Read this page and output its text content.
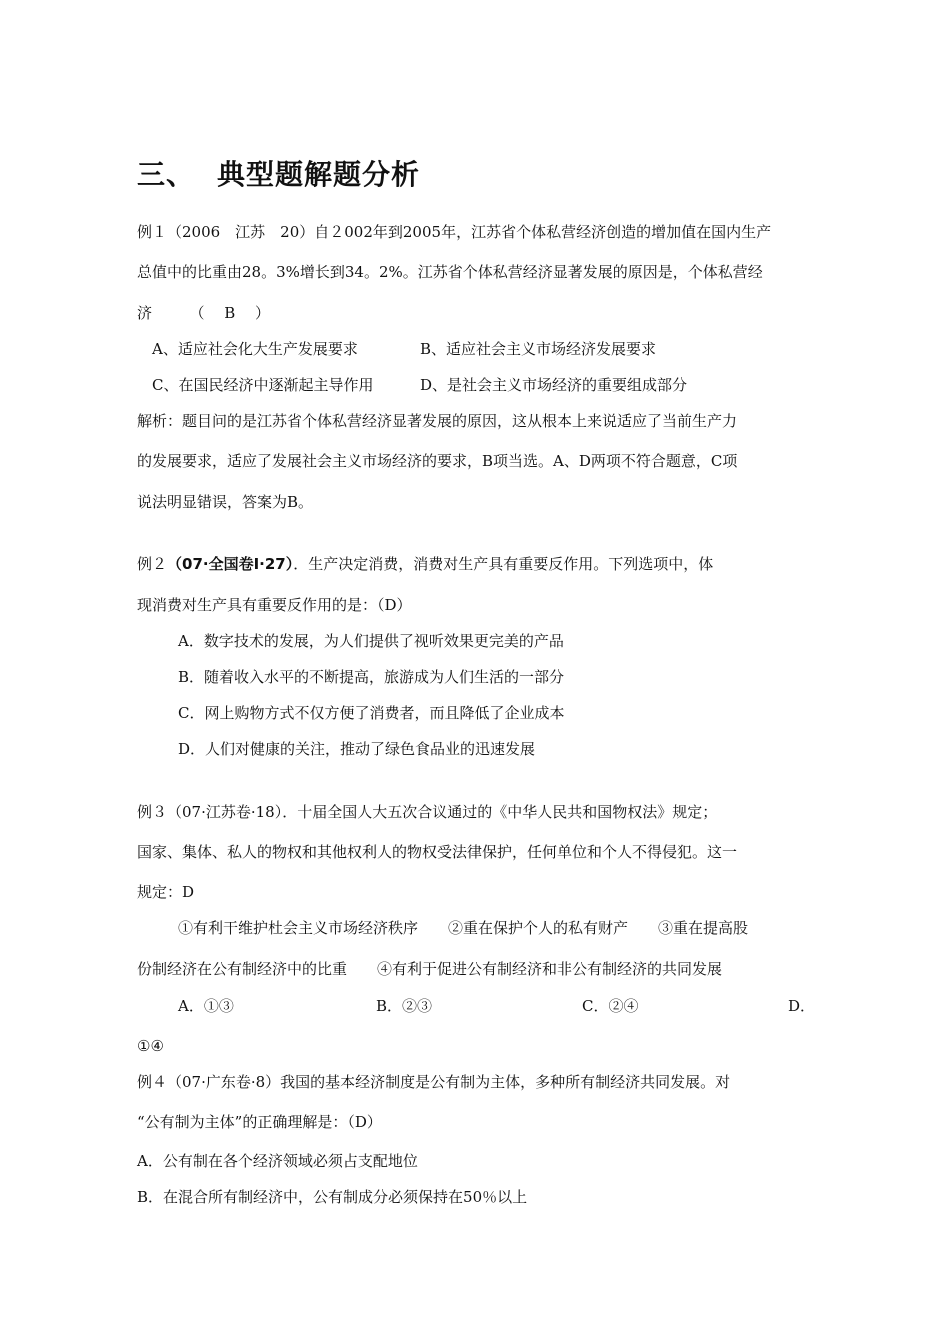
三、 典型题解题分析
例１（2006　江苏　20）自２002年到2005年，江苏省个体私营经济创造的增加值在国内生产
总值中的比重由28。3%增长到34。2%。江苏省个体私营经济显著发展的原因是，个体私营经
济　　　（　 B 　）
A、适应社会化大生产发展要求	B、适应社会主义市场经济发展要求
C、在国民经济中逐渐起主导作用	D、是社会主义市场经济的重要组成部分
解析：题目问的是江苏省个体私营经济显著发展的原因，这从根本上来说适应了当前生产力
的发展要求，适应了发展社会主义市场经济的要求，B项当选。A、D两项不符合题意，C项
说法明显错误，答案为B。
例２（07·全国卷Ⅰ·27）．生产决定消费，消费对生产具有重要反作用。下列选项中，体
现消费对生产具有重要反作用的是：（D）
A．数字技术的发展，为人们提供了视听效果更完美的产品
B．随着收入水平的不断提高，旅游成为人们生活的一部分
C．网上购物方式不仅方便了消费者，而且降低了企业成本
D．人们对健康的关注，推动了绿色食品业的迅速发展
例３（07·江苏卷·18）．十届全国人大五次合议通过的《中华人民共和国物权法》规定；
国家、集体、私人的物权和其他权利人的物权受法律保护，任何单位和个人不得侵犯。这一
规定：D
①有利干维护杜会主义市场经济秩序　　②重在保护个人的私有财产　　③重在提高股
份制经济在公有制经济中的比重　　④有利于促进公有制经济和非公有制经济的共同发展
A．①③	B．②③	C．②④	D．
①④
例４（07·广东卷·8）我国的基本经济制度是公有制为主体，多种所有制经济共同发展。对
“公有制为主体”的正确理解是：（D）
A．公有制在各个经济领域必须占支配地位
B．在混合所有制经济中，公有制成分必须保持在50％以上
